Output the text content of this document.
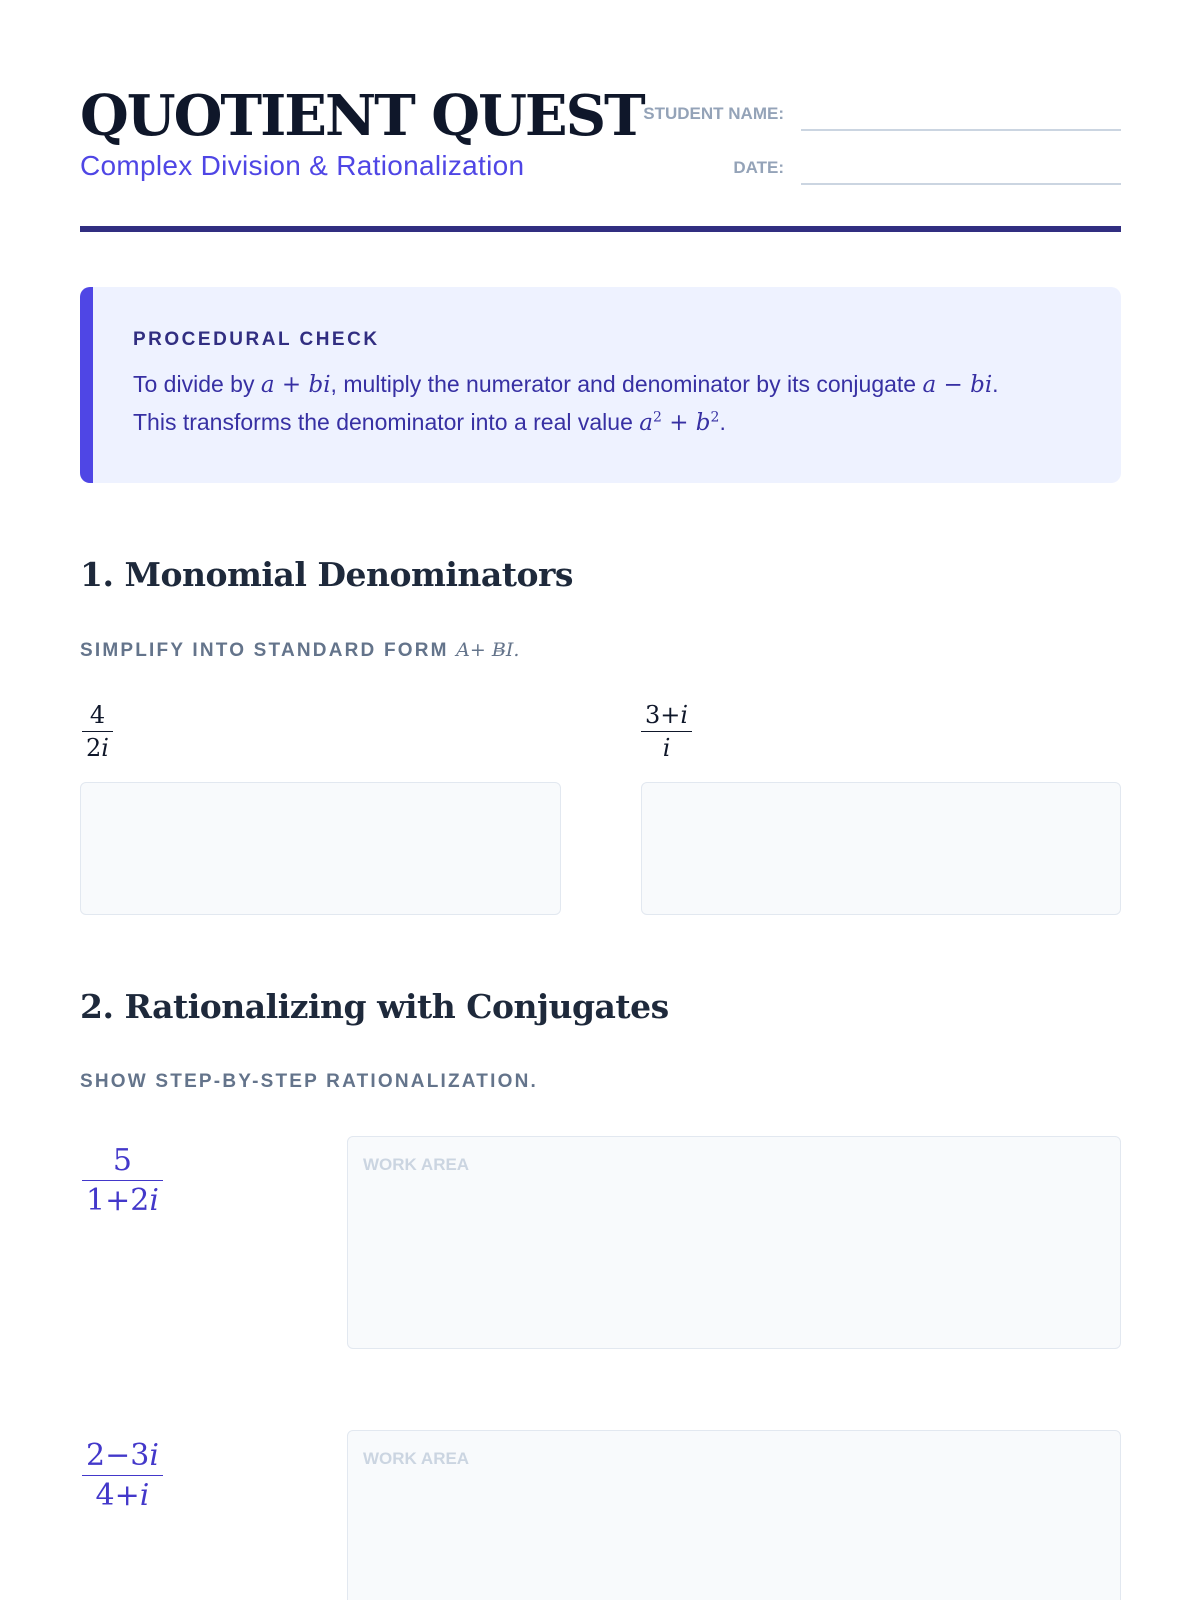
QUOTIENT QUEST
Complex Division & Rationalization
STUDENT NAME:
DATE:
PROCEDURAL CHECK
To divide by a + bi, multiply the numerator and denominator by its conjugate a − bi.
This transforms the denominator into a real value $a^2 + b^2$.
1. Monomial Denominators
SIMPLIFY INTO STANDARD FORM A+ B̶I.
4
2i
3+i
i
2. Rationalizing with Conjugates
SHOW STEP-BY-STEP RATIONALIZATION.
5
1+2i
WORK AREA
2−3i
4+i
WORK AREA
